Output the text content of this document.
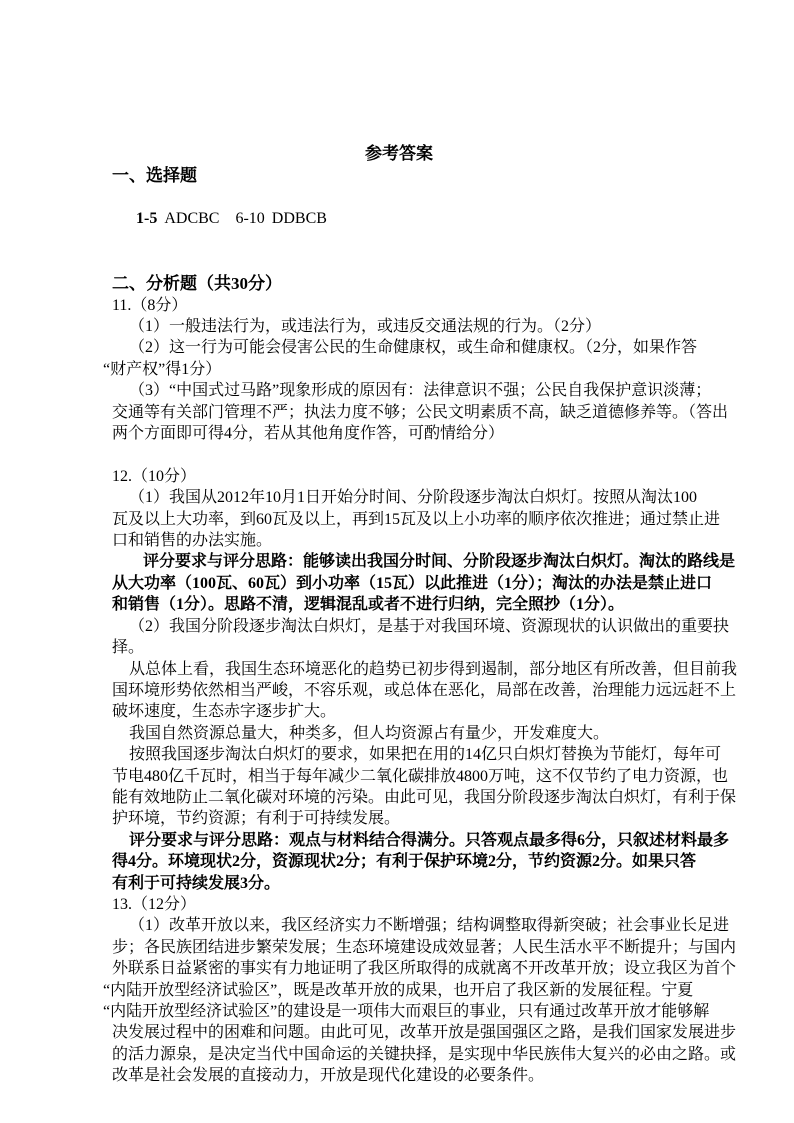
参考答案
一、选择题

1-5 ADCBC 6-10 DDBCB

二、分析题（共30分）
11.（8分）
（1）一般违法行为，或违法行为，或违反交通法规的行为。（2分）
（2）这一行为可能会侵害公民的生命健康权，或生命和健康权。（2分，如果作答
“财产权”得1分）
（3）“中国式过马路”现象形成的原因有：法律意识不强；公民自我保护意识淡薄；
交通等有关部门管理不严；执法力度不够；公民文明素质不高，缺乏道德修养等。（答出
两个方面即可得4分，若从其他角度作答，可酌情给分）
12.（10分）
（1）我国从2012年10月1日开始分时间、分阶段逐步淘汰白炽灯。按照从淘汰100
瓦及以上大功率，到60瓦及以上，再到15瓦及以上小功率的顺序依次推进；通过禁止进
口和销售的办法实施。
评分要求与评分思路：能够读出我国分时间、分阶段逐步淘汰白炽灯。淘汰的路线是
从大功率（100瓦、60瓦）到小功率（15瓦）以此推进（1分）；淘汰的办法是禁止进口
和销售（1分）。思路不清，逻辑混乱或者不进行归纳，完全照抄（1分）。
（2）我国分阶段逐步淘汰白炽灯，是基于对我国环境、资源现状的认识做出的重要抉
择。
从总体上看，我国生态环境恶化的趋势已初步得到遏制，部分地区有所改善，但目前我
国环境形势依然相当严峻，不容乐观，或总体在恶化，局部在改善，治理能力远远赶不上
破坏速度，生态赤字逐步扩大。
我国自然资源总量大，种类多，但人均资源占有量少，开发难度大。
按照我国逐步淘汰白炽灯的要求，如果把在用的14亿只白炽灯替换为节能灯，每年可
节电480亿千瓦时，相当于每年减少二氧化碳排放4800万吨，这不仅节约了电力资源，也
能有效地防止二氧化碳对环境的污染。由此可见，我国分阶段逐步淘汰白炽灯，有利于保
护环境，节约资源；有利于可持续发展。
评分要求与评分思路：观点与材料结合得满分。只答观点最多得6分，只叙述材料最多
得4分。环境现状2分，资源现状2分；有利于保护环境2分，节约资源2分。如果只答
有利于可持续发展3分。
13.（12分）
（1）改革开放以来，我区经济实力不断增强；结构调整取得新突破；社会事业长足进
步；各民族团结进步繁荣发展；生态环境建设成效显著；人民生活水平不断提升；与国内
外联系日益紧密的事实有力地证明了我区所取得的成就离不开改革开放；设立我区为首个
“内陆开放型经济试验区”，既是改革开放的成果，也开启了我区新的发展征程。宁夏
“内陆开放型经济试验区”的建设是一项伟大而艰巨的事业，只有通过改革开放才能够解
决发展过程中的困难和问题。由此可见，改革开放是强国强区之路，是我们国家发展进步
的活力源泉，是决定当代中国命运的关键抉择，是实现中华民族伟大复兴的必由之路。或
改革是社会发展的直接动力，开放是现代化建设的必要条件。
